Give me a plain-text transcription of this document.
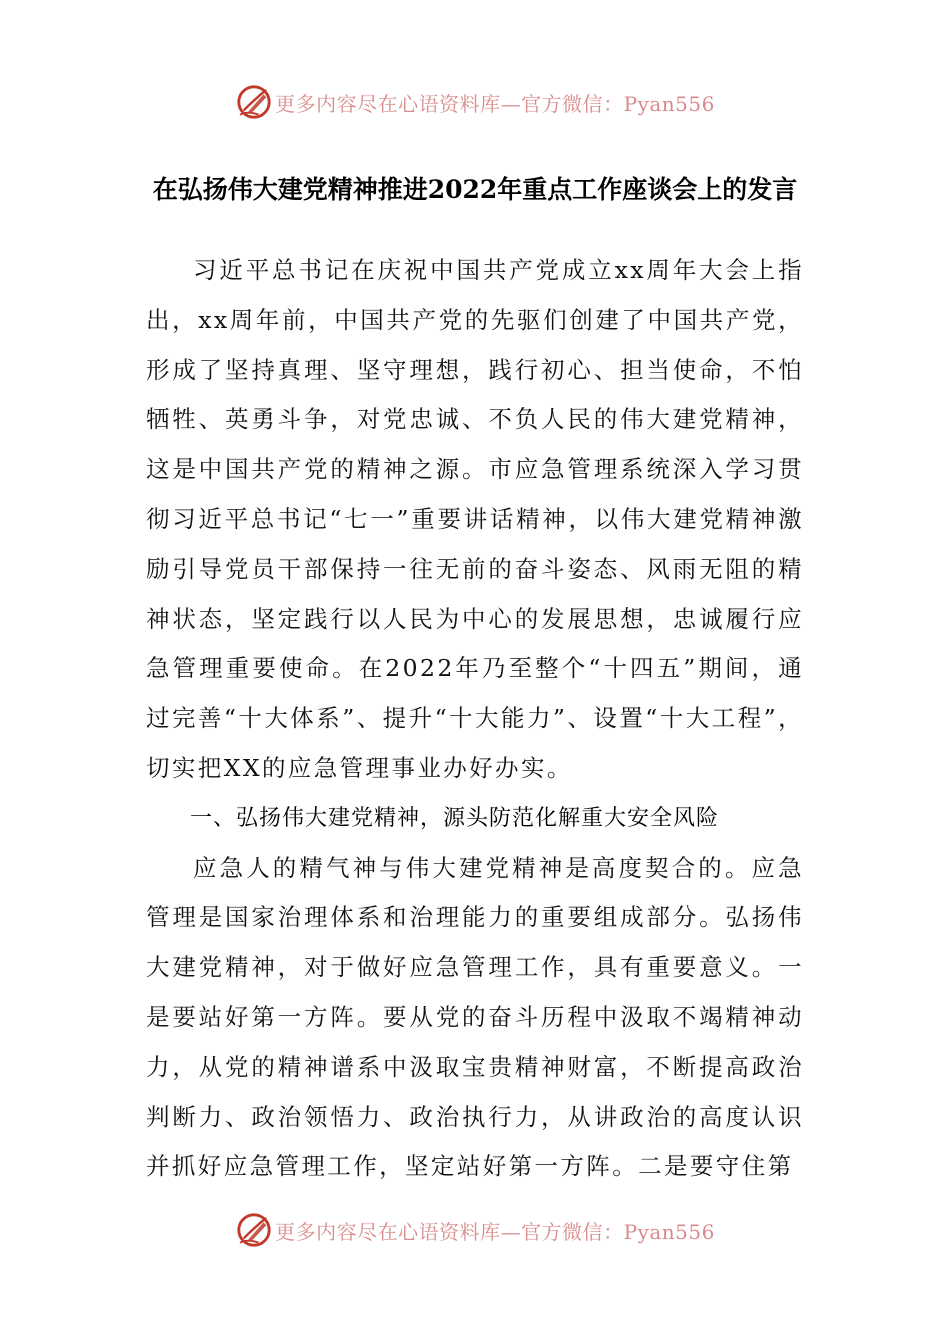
更多内容尽在心语资料库—官方微信：Pyan556
在弘扬伟大建党精神推进2022年重点工作座谈会上的发言

习近平总书记在庆祝中国共产党成立xx周年大会上指出，xx周年前，中国共产党的先驱们创建了中国共产党，形成了坚持真理、坚守理想，践行初心、担当使命，不怕牺牲、英勇斗争，对党忠诚、不负人民的伟大建党精神，这是中国共产党的精神之源。市应急管理系统深入学习贯彻习近平总书记“七一”重要讲话精神，以伟大建党精神激励引导党员干部保持一往无前的奋斗姿态、风雨无阻的精神状态，坚定践行以人民为中心的发展思想，忠诚履行应急管理重要使命。在2022年乃至整个“十四五”期间，通过完善“十大体系”、提升“十大能力”、设置“十大工程”，切实把XX的应急管理事业办好办实。

一、弘扬伟大建党精神，源头防范化解重大安全风险

应急人的精气神与伟大建党精神是高度契合的。应急管理是国家治理体系和治理能力的重要组成部分。弘扬伟大建党精神，对于做好应急管理工作，具有重要意义。一是要站好第一方阵。要从党的奋斗历程中汲取不竭精神动力，从党的精神谱系中汲取宝贵精神财富，不断提高政治判断力、政治领悟力、政治执行力，从讲政治的高度认识并抓好应急管理工作，坚定站好第一方阵。二是要守住第

更多内容尽在心语资料库—官方微信：Pyan556
